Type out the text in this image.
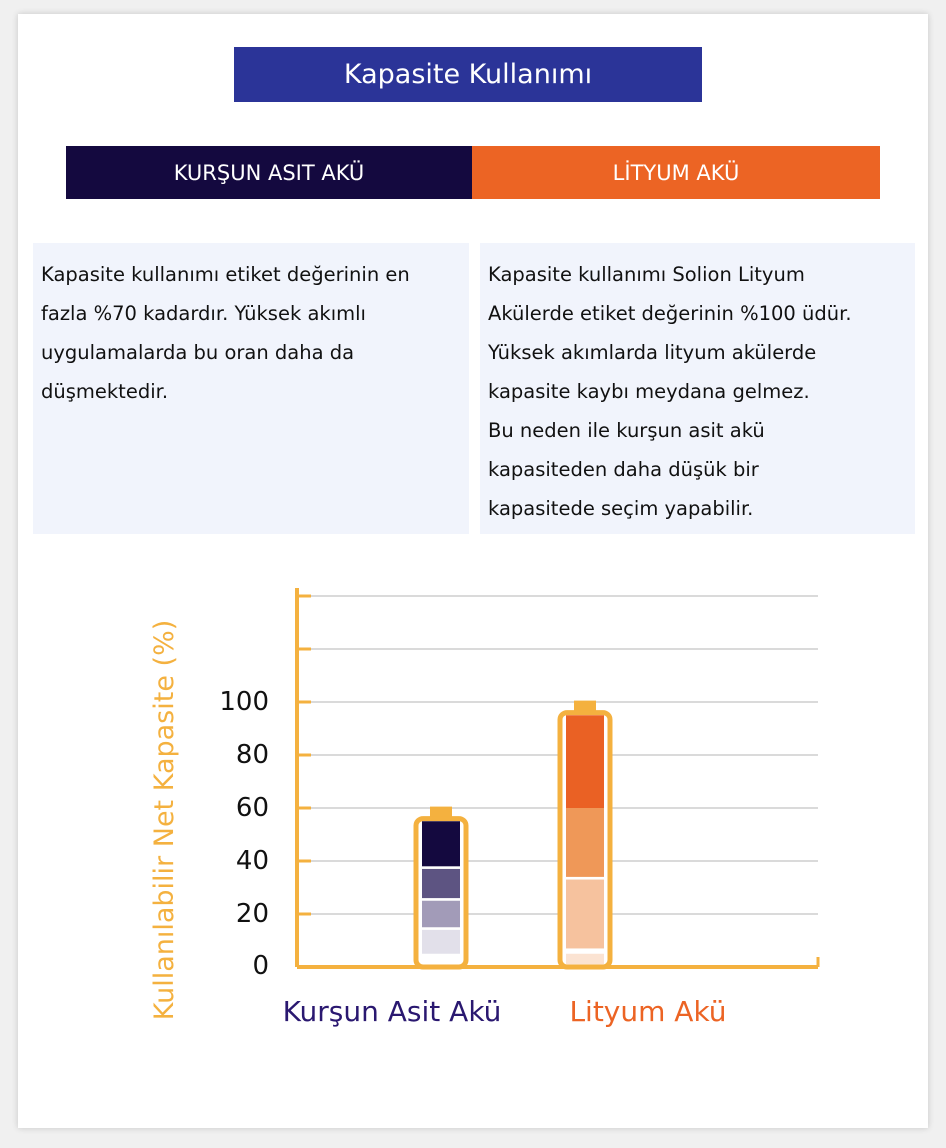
Kapasite Kullanımı
KURŞUN ASIT AKÜ	LİTYUM AKÜ
Kapasite kullanımı etiket değerinin en
fazla %70 kadardır. Yüksek akımlı
uygulamalarda bu oran daha da
düşmektedir.
Kapasite kullanımı Solion Lityum
Akülerde etiket değerinin %100 üdür.
Yüksek akımlarda lityum akülerde
kapasite kaybı meydana gelmez.
Bu neden ile kurşun asit akü
kapasiteden daha düşük bir
kapasitede seçim yapabilir.
0
20
40
60
80
100
Kullanılabilir Net Kapasite (%)	Kurşun Asit Akü Lityum Akü
